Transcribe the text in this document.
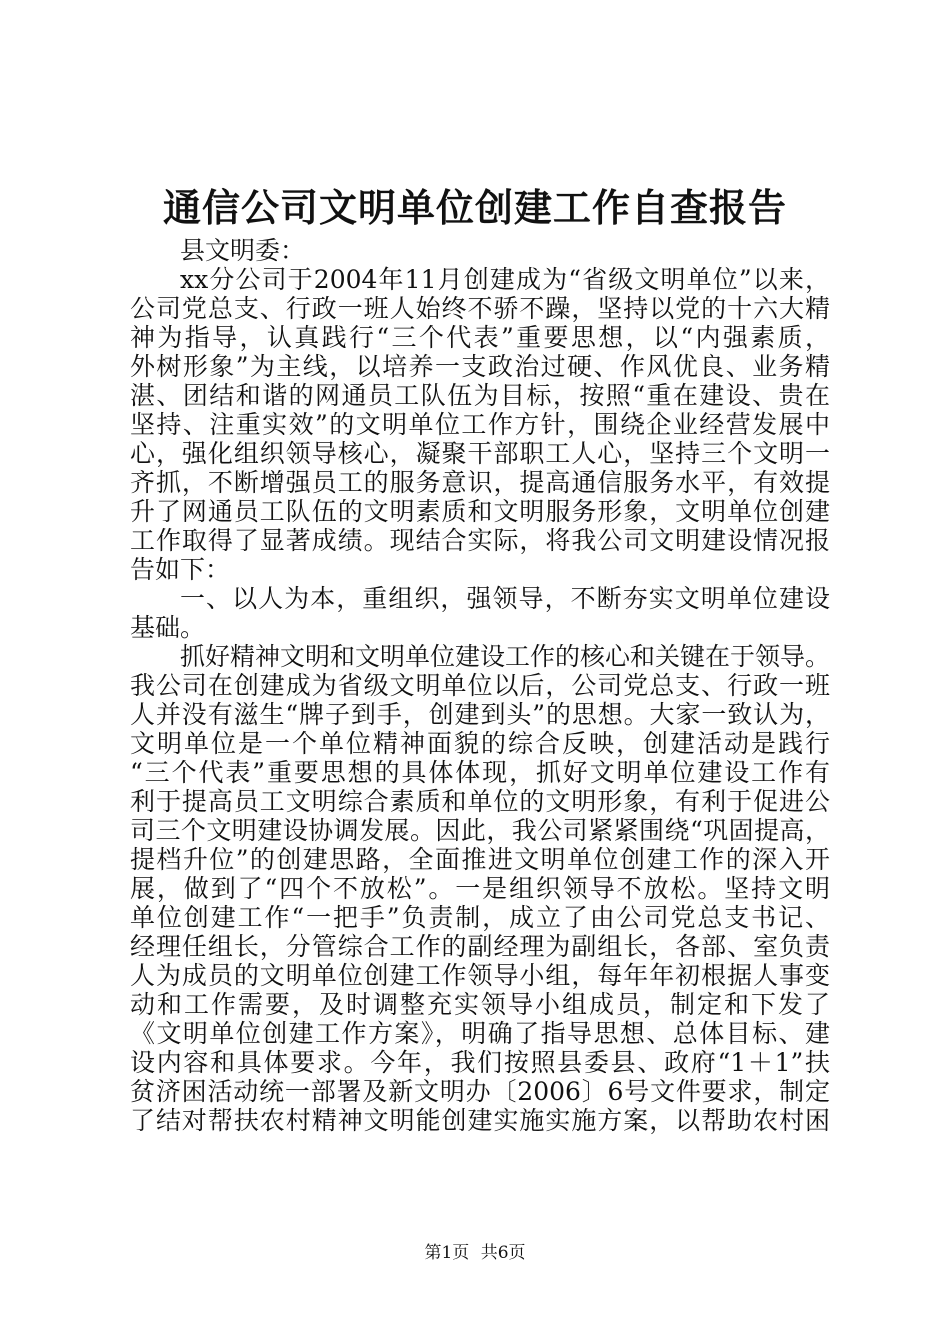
通信公司文明单位创建工作自查报告
县文明委：
xx分公司于2004年11月创建成为“省级文明单位”以来，
公司党总支、行政一班人始终不骄不躁，坚持以党的十六大精
神为指导，认真践行“三个代表”重要思想，以“内强素质，
外树形象”为主线，以培养一支政治过硬、作风优良、业务精
湛、团结和谐的网通员工队伍为目标，按照“重在建设、贵在
坚持、注重实效”的文明单位工作方针，围绕企业经营发展中
心，强化组织领导核心，凝聚干部职工人心，坚持三个文明一
齐抓，不断增强员工的服务意识，提高通信服务水平，有效提
升了网通员工队伍的文明素质和文明服务形象，文明单位创建
工作取得了显著成绩。现结合实际，将我公司文明建设情况报
告如下：
一、以人为本，重组织，强领导，不断夯实文明单位建设
基础。
抓好精神文明和文明单位建设工作的核心和关键在于领导。
我公司在创建成为省级文明单位以后，公司党总支、行政一班
人并没有滋生“牌子到手，创建到头”的思想。大家一致认为，
文明单位是一个单位精神面貌的综合反映，创建活动是践行
“三个代表”重要思想的具体体现，抓好文明单位建设工作有
利于提高员工文明综合素质和单位的文明形象，有利于促进公
司三个文明建设协调发展。因此，我公司紧紧围绕“巩固提高，
提档升位”的创建思路，全面推进文明单位创建工作的深入开
展，做到了“四个不放松”。一是组织领导不放松。坚持文明
单位创建工作“一把手”负责制，成立了由公司党总支书记、
经理任组长，分管综合工作的副经理为副组长，各部、室负责
人为成员的文明单位创建工作领导小组，每年年初根据人事变
动和工作需要，及时调整充实领导小组成员，制定和下发了
《文明单位创建工作方案》，明确了指导思想、总体目标、建
设内容和具体要求。今年，我们按照县委县、政府“1＋1”扶
贫济困活动统一部署及新文明办〔2006〕6号文件要求，制定
了结对帮扶农村精神文明能创建实施实施方案，以帮助农村困
第1页 共6页
